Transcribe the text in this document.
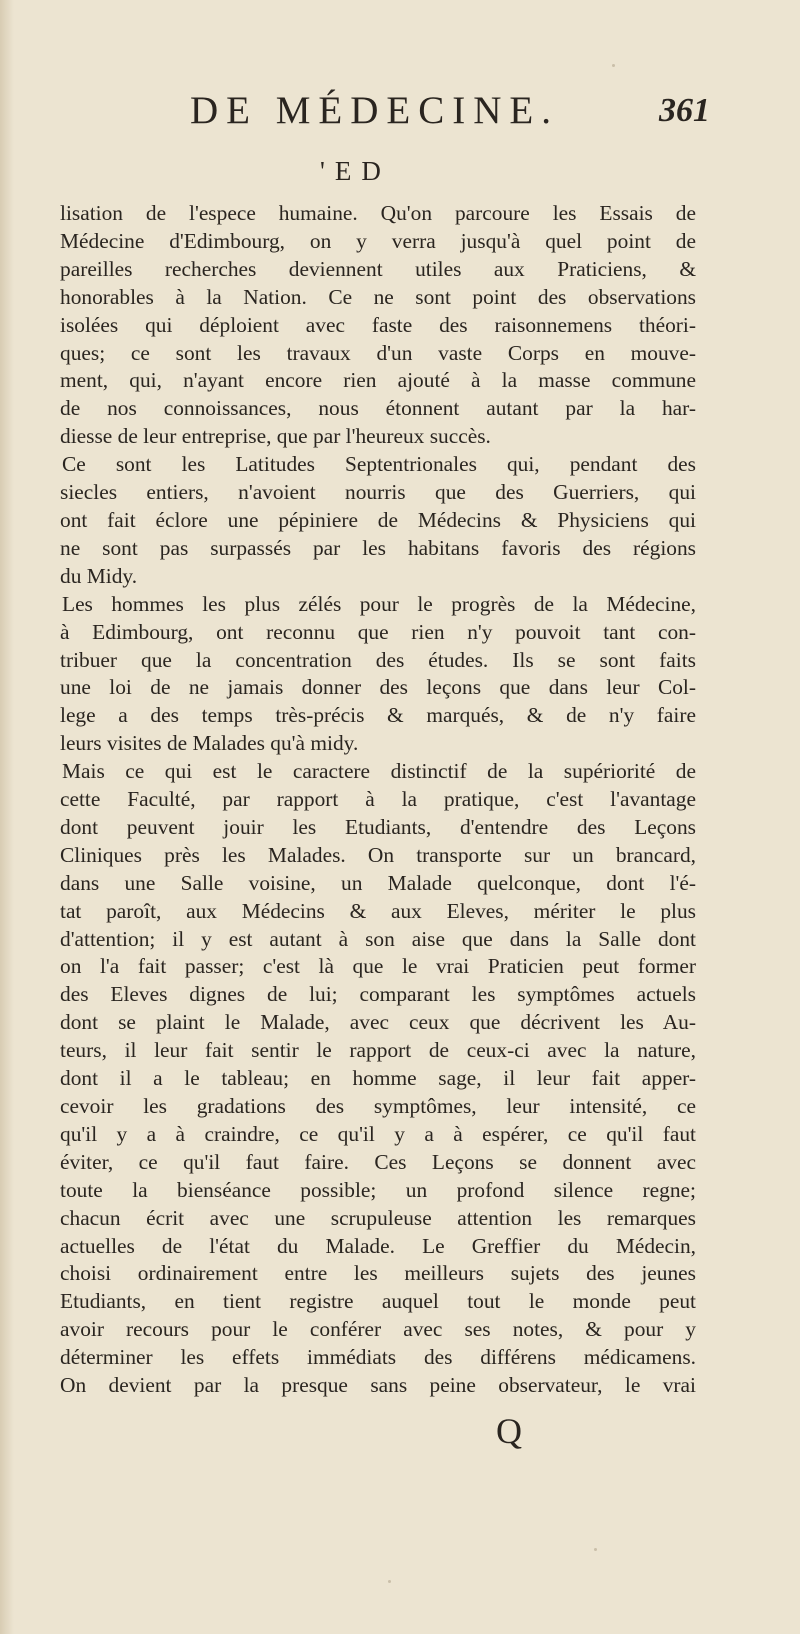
DE MÉDECINE.	361
'ED
lisation de l'espece humaine. Qu'on parcoure les Essais de
Médecine d'Edimbourg, on y verra jusqu'à quel point de
pareilles recherches deviennent utiles aux Praticiens, &
honorables à la Nation. Ce ne sont point des observations
isolées qui déploient avec faste des raisonnemens théori-
ques; ce sont les travaux d'un vaste Corps en mouve-
ment, qui, n'ayant encore rien ajouté à la masse commune
de nos connoissances, nous étonnent autant par la har-
diesse de leur entreprise, que par l'heureux succès.
Ce sont les Latitudes Septentrionales qui, pendant des
siecles entiers, n'avoient nourris que des Guerriers, qui
ont fait éclore une pépiniere de Médecins & Physiciens qui
ne sont pas surpassés par les habitans favoris des régions
du Midy.
Les hommes les plus zélés pour le progrès de la Médecine,
à Edimbourg, ont reconnu que rien n'y pouvoit tant con-
tribuer que la concentration des études. Ils se sont faits
une loi de ne jamais donner des leçons que dans leur Col-
lege a des temps très-précis & marqués, & de n'y faire
leurs visites de Malades qu'à midy.
Mais ce qui est le caractere distinctif de la supériorité de
cette Faculté, par rapport à la pratique, c'est l'avantage
dont peuvent jouir les Etudiants, d'entendre des Leçons
Cliniques près les Malades. On transporte sur un brancard,
dans une Salle voisine, un Malade quelconque, dont l'é-
tat paroît, aux Médecins & aux Eleves, mériter le plus
d'attention; il y est autant à son aise que dans la Salle dont
on l'a fait passer; c'est là que le vrai Praticien peut former
des Eleves dignes de lui; comparant les symptômes actuels
dont se plaint le Malade, avec ceux que décrivent les Au-
teurs, il leur fait sentir le rapport de ceux-ci avec la nature,
dont il a le tableau; en homme sage, il leur fait apper-
cevoir les gradations des symptômes, leur intensité, ce
qu'il y a à craindre, ce qu'il y a à espérer, ce qu'il faut
éviter, ce qu'il faut faire. Ces Leçons se donnent avec
toute la bienséance possible; un profond silence regne;
chacun écrit avec une scrupuleuse attention les remarques
actuelles de l'état du Malade. Le Greffier du Médecin,
choisi ordinairement entre les meilleurs sujets des jeunes
Etudiants, en tient registre auquel tout le monde peut
avoir recours pour le conférer avec ses notes, & pour y
déterminer les effets immédiats des différens médicamens.
On devient par la presque sans peine observateur, le vrai
Q
